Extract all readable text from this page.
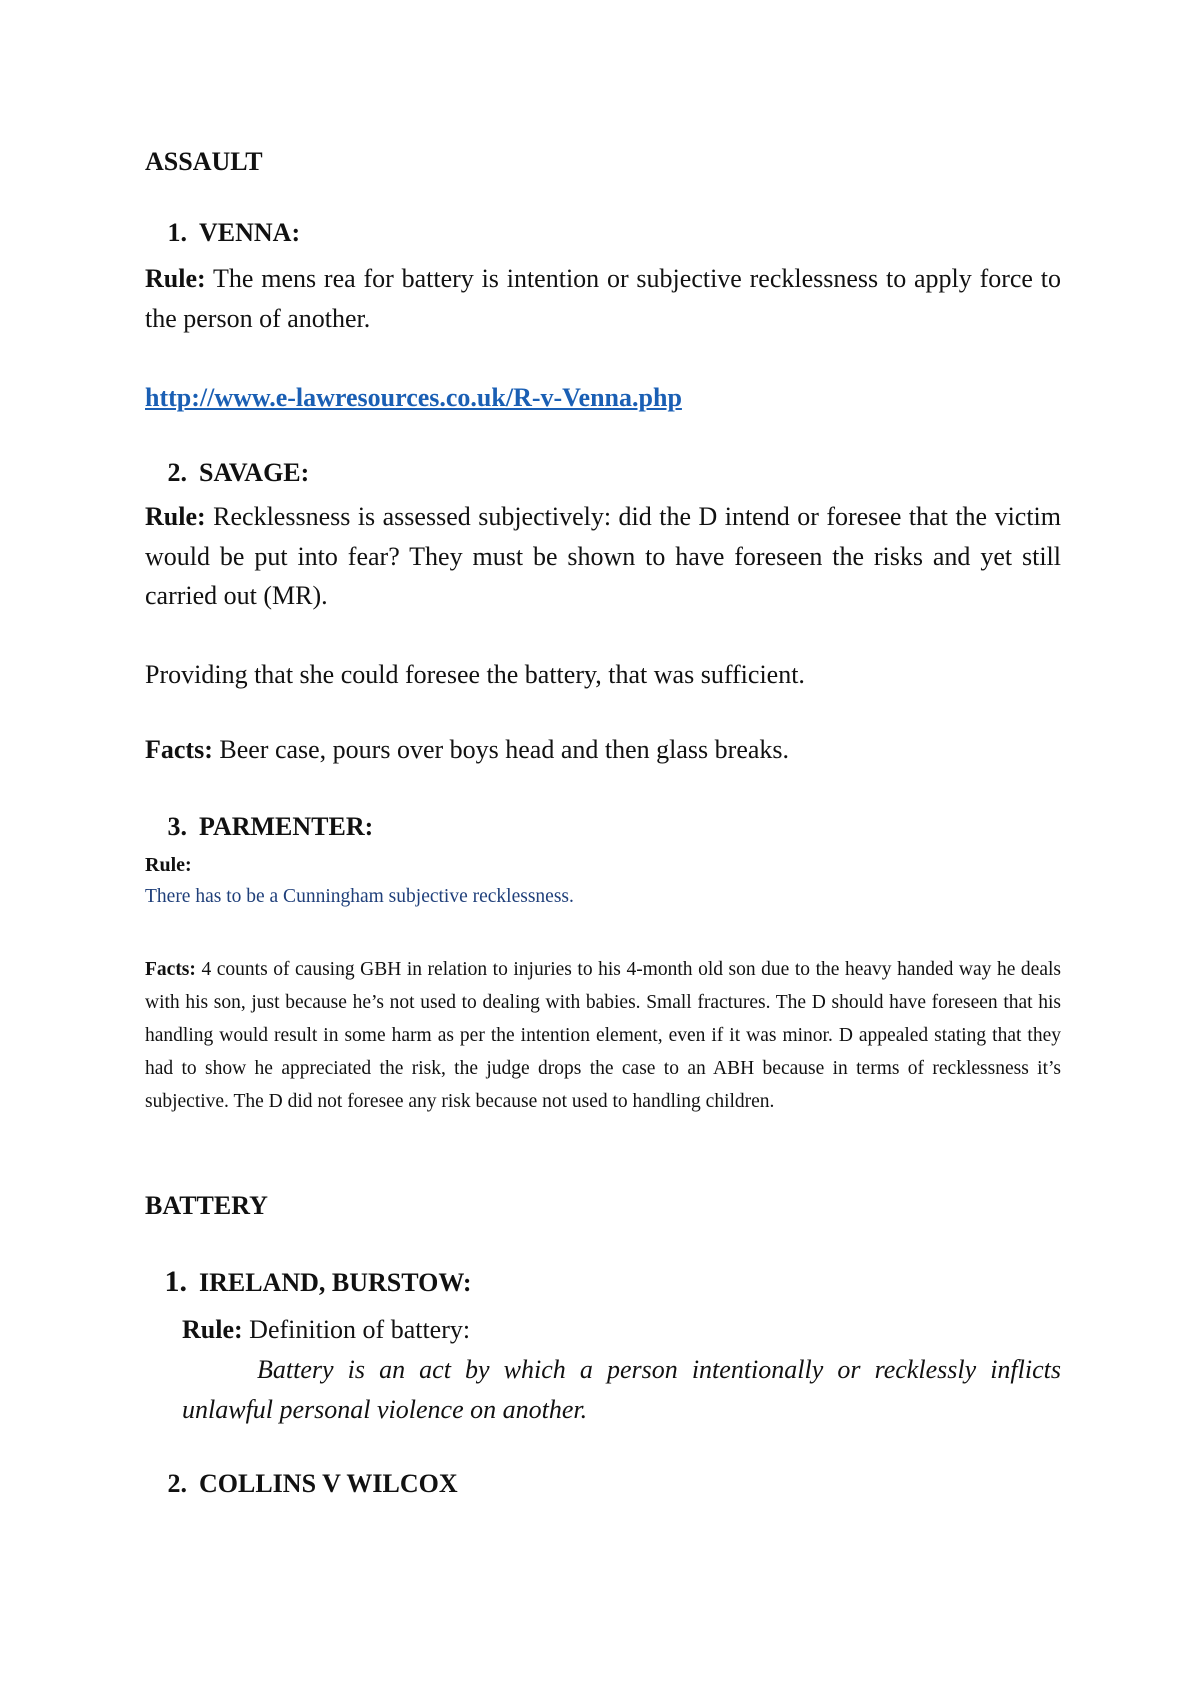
ASSAULT
1. VENNA:
Rule: The mens rea for battery is intention or subjective recklessness to apply force to the person of another.
http://www.e-lawresources.co.uk/R-v-Venna.php
2. SAVAGE:
Rule: Recklessness is assessed subjectively: did the D intend or foresee that the victim would be put into fear? They must be shown to have foreseen the risks and yet still carried out (MR).
Providing that she could foresee the battery, that was sufficient.
Facts: Beer case, pours over boys head and then glass breaks.
3. PARMENTER:
Rule:
There has to be a Cunningham subjective recklessness.
Facts: 4 counts of causing GBH in relation to injuries to his 4-month old son due to the heavy handed way he deals with his son, just because he’s not used to dealing with babies. Small fractures. The D should have foreseen that his handling would result in some harm as per the intention element, even if it was minor. D appealed stating that they had to show he appreciated the risk, the judge drops the case to an ABH because in terms of recklessness it’s subjective. The D did not foresee any risk because not used to handling children.
BATTERY
1. IRELAND, BURSTOW:
Rule: Definition of battery:
Battery is an act by which a person intentionally or recklessly inflicts unlawful personal violence on another.
2. COLLINS V WILCOX
